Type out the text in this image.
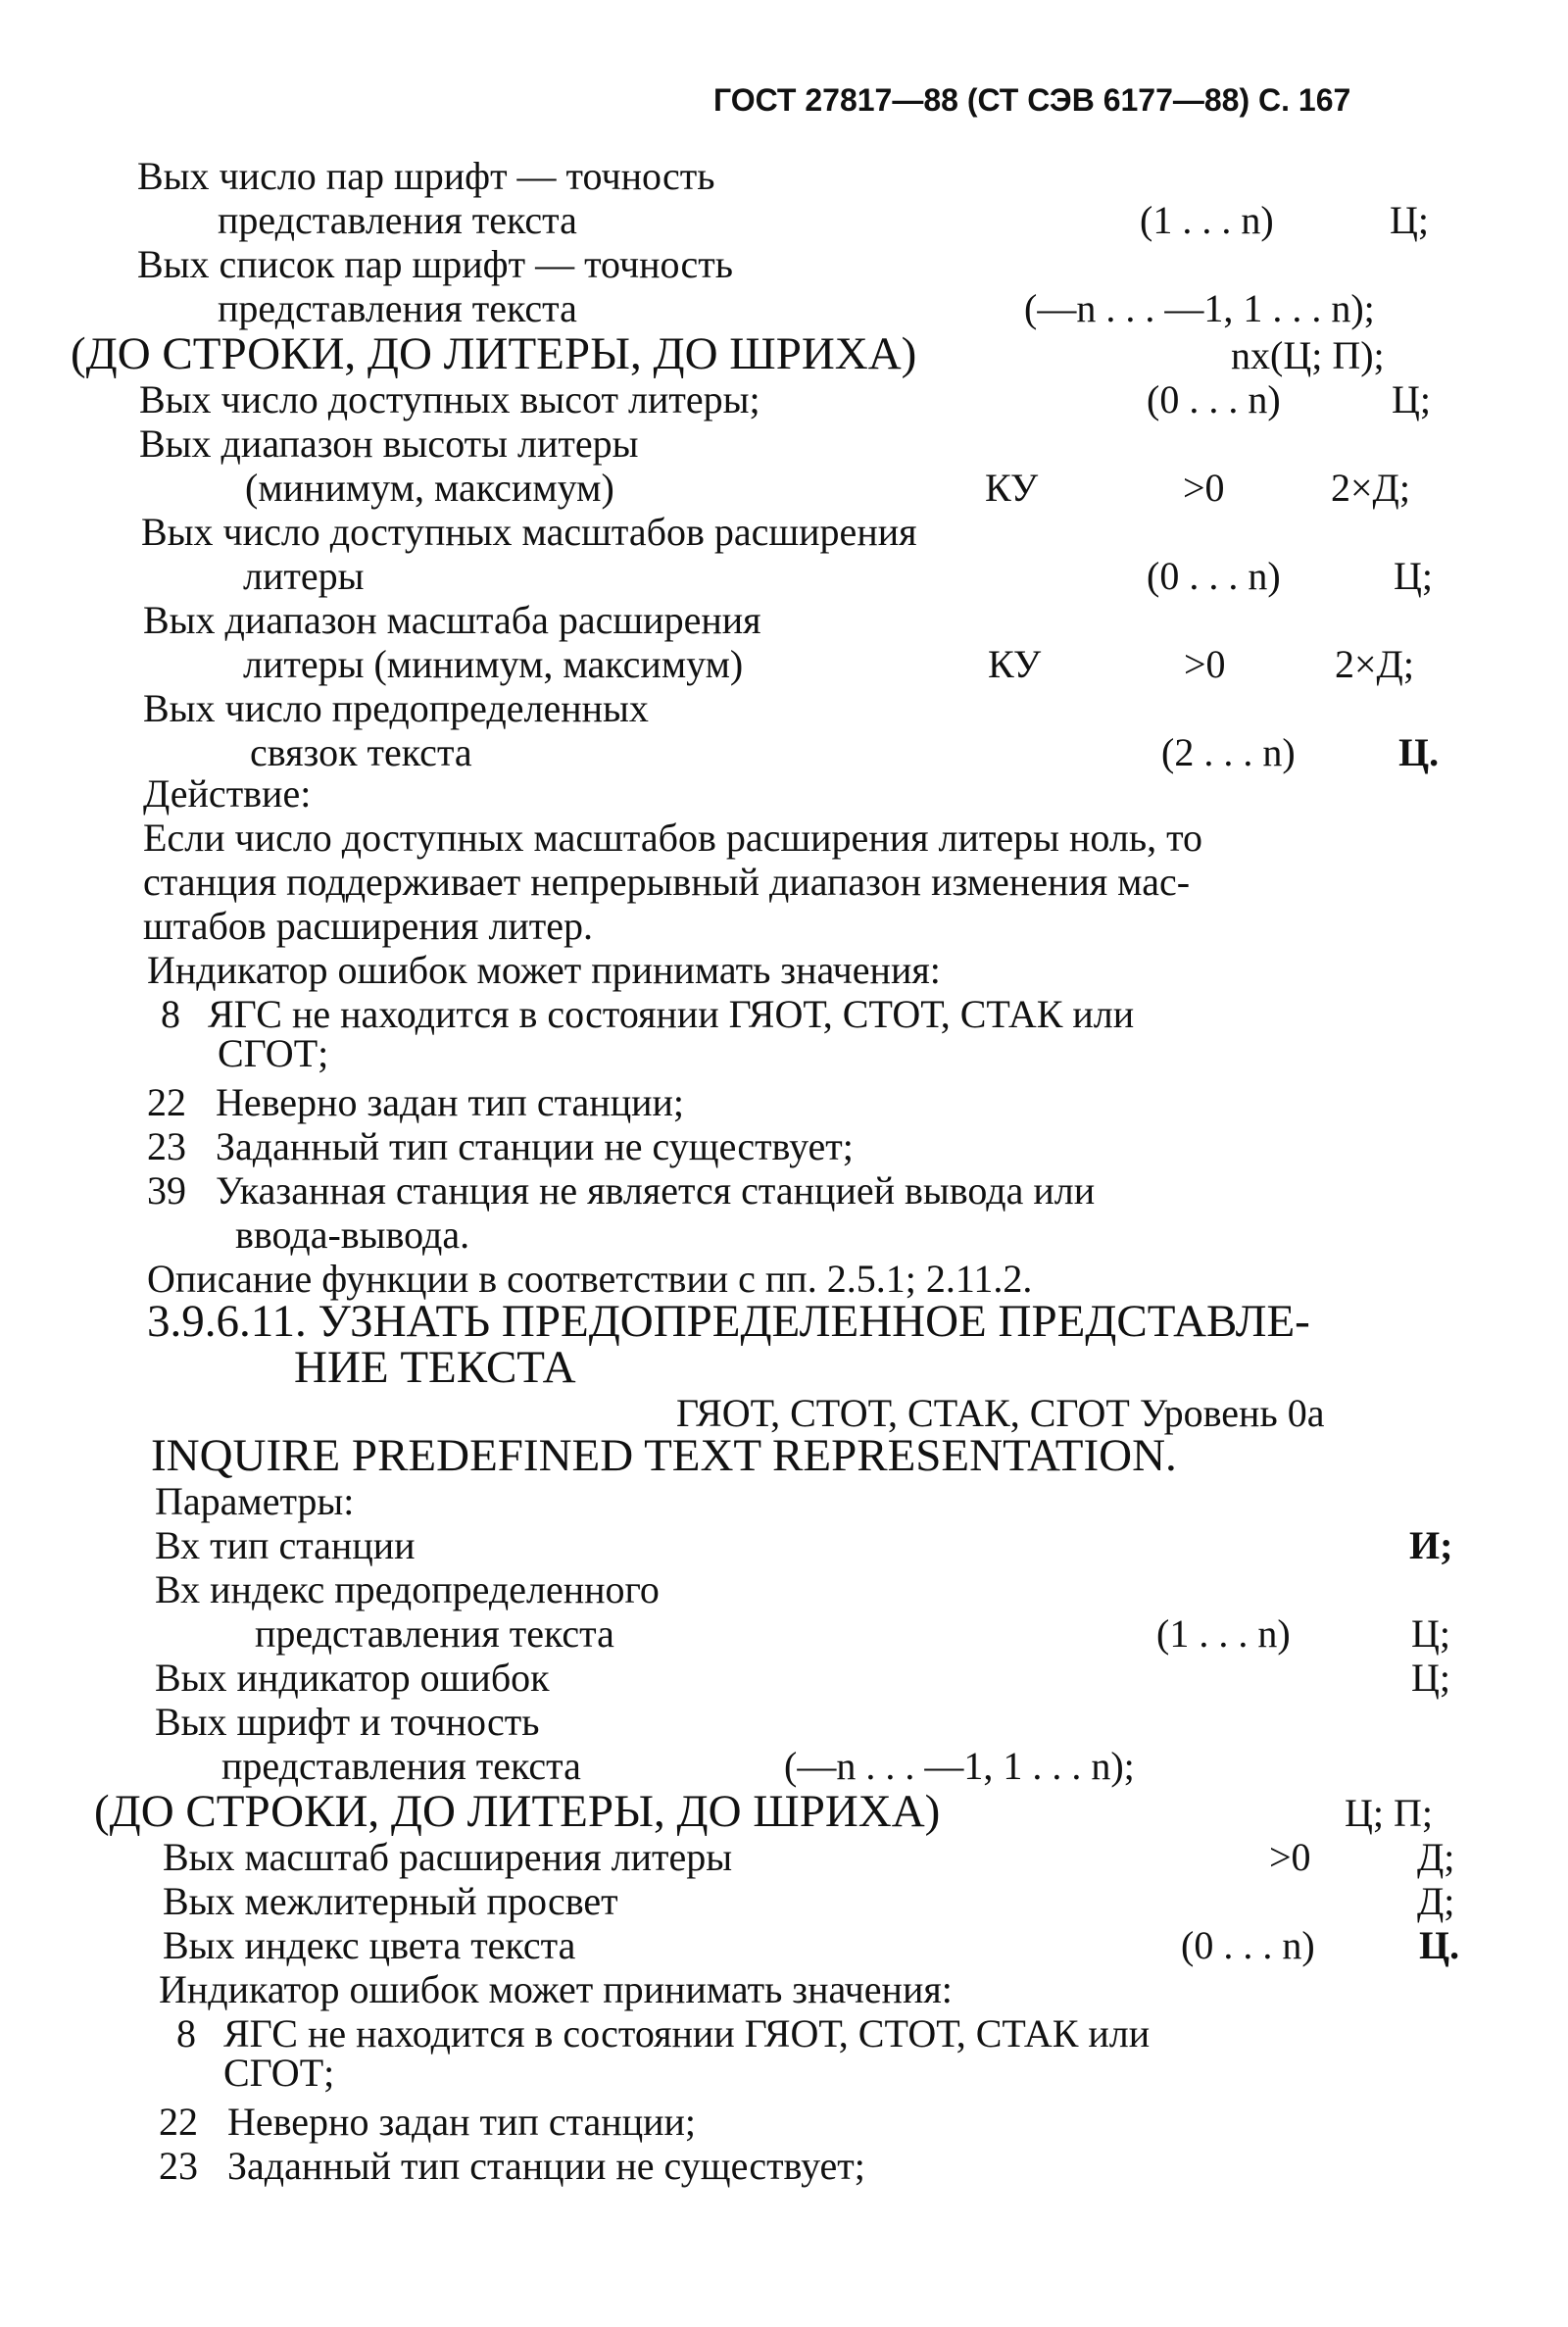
ГОСТ 27817—88 (СТ СЭВ 6177—88) С. 167
Вых число пар шрифт — точность
представления текста	(1 . . . n)	Ц;
Вых список пар шрифт — точность
представления текста	(—n . . . —1, 1 . . . n);
(ДО СТРОКИ, ДО ЛИТЕРЫ, ДО ШРИХА)	nх(Ц; П);
Вых число доступных высот литеры;	(0 . . . n)	Ц;
Вых диапазон высоты литеры
(минимум, максимум)	КУ	>0	2×Д;
Вых число доступных масштабов расширения
литеры	(0 . . . n)	Ц;
Вых диапазон масштаба расширения
литеры (минимум, максимум)	КУ	>0	2×Д;
Вых число предопределенных
связок текста	(2 . . . n)	Ц.
Действие:
Если число доступных масштабов расширения литеры ноль, то
станция поддерживает непрерывный диапазон изменения мас-
штабов расширения литер.
Индикатор ошибок может принимать значения:
8 ЯГС не находится в состоянии ГЯОТ, СТОТ, СТАК или
СГОТ;
22 Неверно задан тип станции;
23 Заданный тип станции не существует;
39 Указанная станция не является станцией вывода или
ввода-вывода.
Описание функции в соответствии с пп. 2.5.1; 2.11.2.
3.9.6.11. УЗНАТЬ ПРЕДОПРЕДЕЛЕННОЕ ПРЕДСТАВЛЕ-
НИЕ ТЕКСТА
ГЯОТ, СТОТ, СТАК, СГОТ Уровень 0а
INQUIRE PREDEFINED TEXT REPRESENTATION.
Параметры:
Вх тип станции	И;
Вх индекс предопределенного
представления текста	(1 . . . n)	Ц;
Вых индикатор ошибок	Ц;
Вых шрифт и точность
представления текста	(—n . . . —1, 1 . . . n);
(ДО СТРОКИ, ДО ЛИТЕРЫ, ДО ШРИХА)	Ц; П;
Вых масштаб расширения литеры	>0	Д;
Вых межлитерный просвет	Д;
Вых индекс цвета текста	(0 . . . n)	Ц.
Индикатор ошибок может принимать значения:
8 ЯГС не находится в состоянии ГЯОТ, СТОТ, СТАК или
СГОТ;
22 Неверно задан тип станции;
23 Заданный тип станции не существует;
